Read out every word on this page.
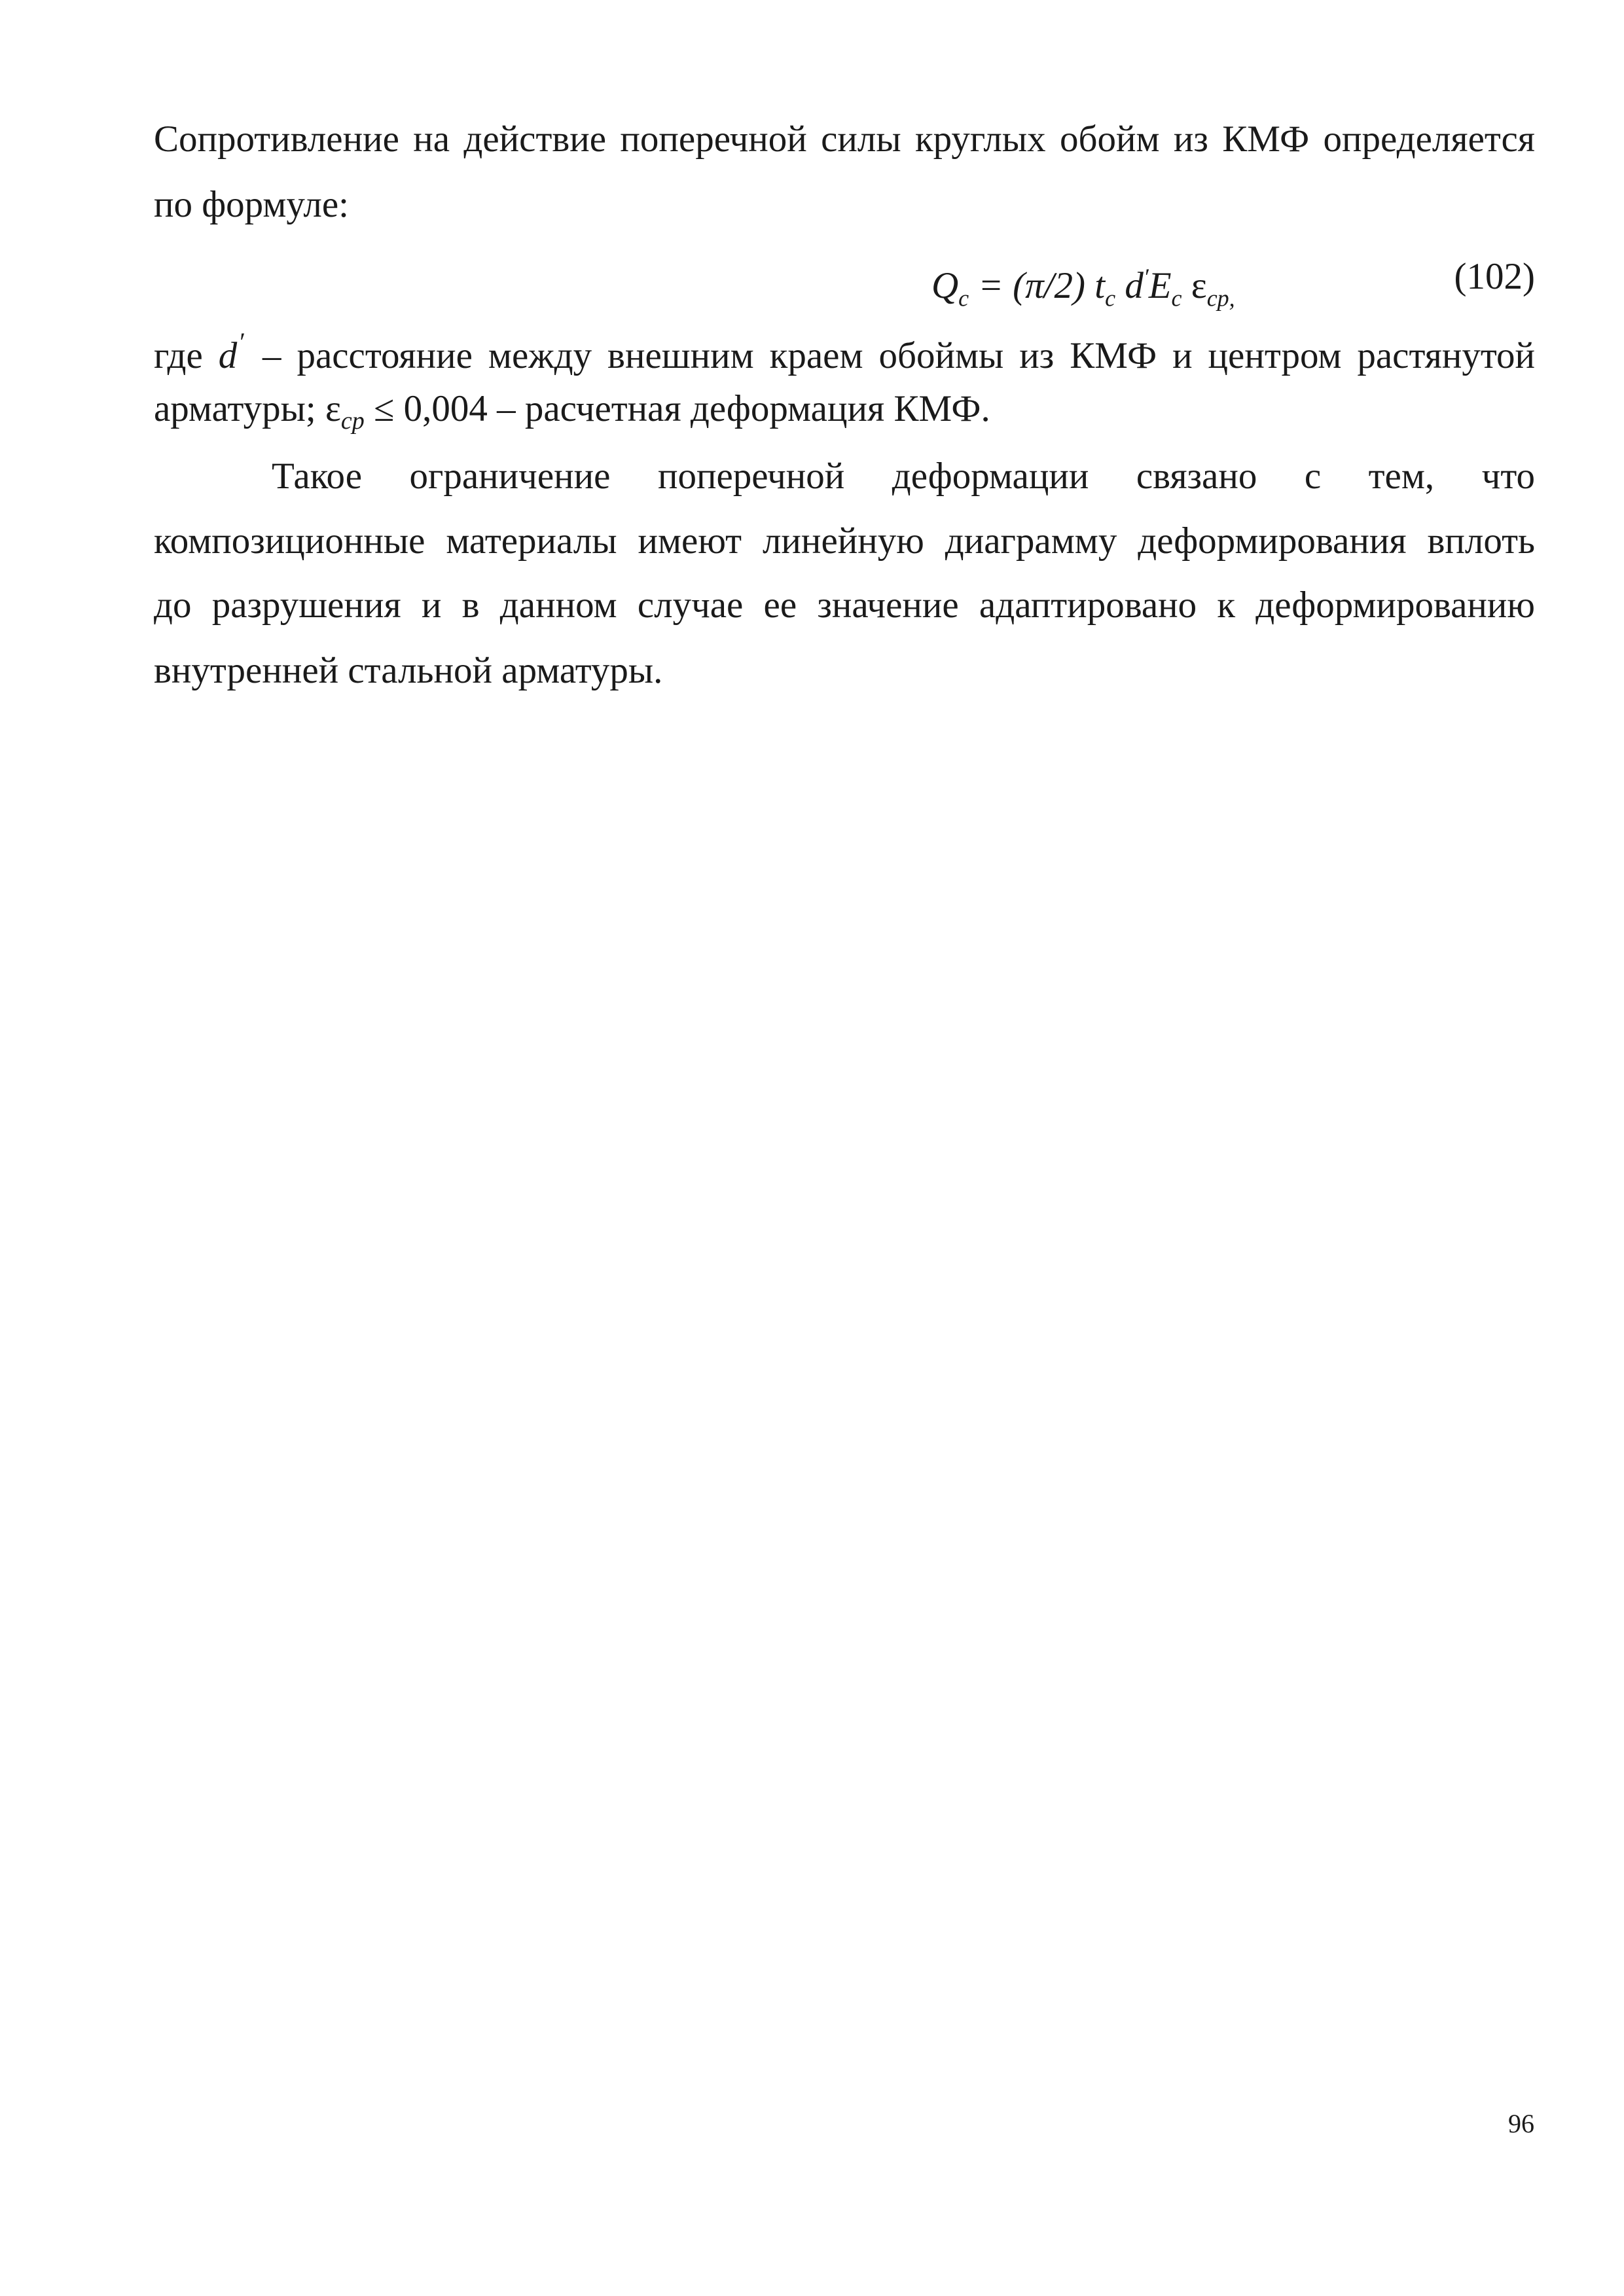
Сопротивление на действие поперечной силы круглых обойм из КМФ определяется
по формуле:
$Q_c = (\pi/2)$ $t_c$ $d'E_c$ $\varepsilon_{cp,}$
(102)
где d ′ – расстояние между внешним краем обоймы из КМФ и центром растянутой
арматуры; $\varepsilon_{cp} \le 0,004$ – расчетная деформация КМФ.
Такое ограничение поперечной деформации связано с тем, что
композиционные материалы имеют линейную диаграмму деформирования вплоть
до разрушения и в данном случае ее значение адаптировано к деформированию
внутренней стальной арматуры.
96
